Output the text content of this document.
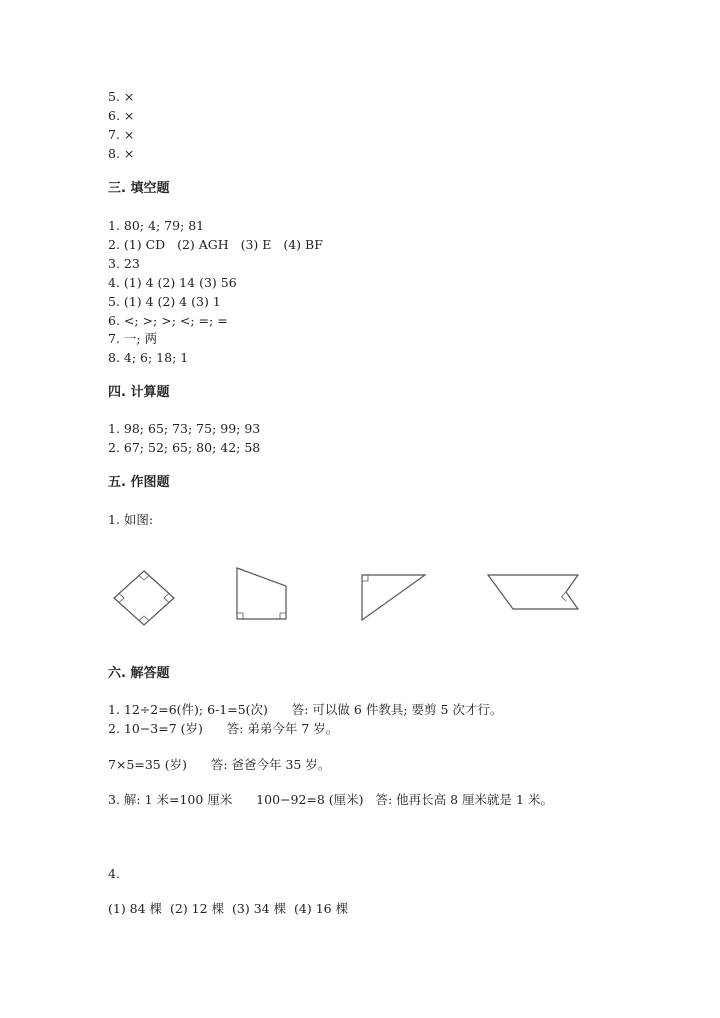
5. ×
6. ×
7. ×
8. ×
三. 填空题
1. 80; 4; 79; 81
2. (1) CD   (2) AGH   (3) E   (4) BF
3. 23
4. (1) 4 (2) 14 (3) 56
5. (1) 4 (2) 4 (3) 1
6. <; >; >; <; =; =
7. 一; 两
8. 4; 6; 18; 1
四. 计算题
1. 98; 65; 73; 75; 99; 93
2. 67; 52; 65; 80; 42; 58
五. 作图题
1. 如图:
六. 解答题
1. 12÷2=6(件); 6-1=5(次)      答: 可以做 6 件教具; 要剪 5 次才行。
2. 10−3=7 (岁)      答: 弟弟今年 7 岁。
7×5=35 (岁)      答: 爸爸今年 35 岁。
3. 解: 1 米=100 厘米      100−92=8 (厘米)   答: 他再长高 8 厘米就是 1 米。
4.
(1) 84 棵  (2) 12 棵  (3) 34 棵  (4) 16 棵
